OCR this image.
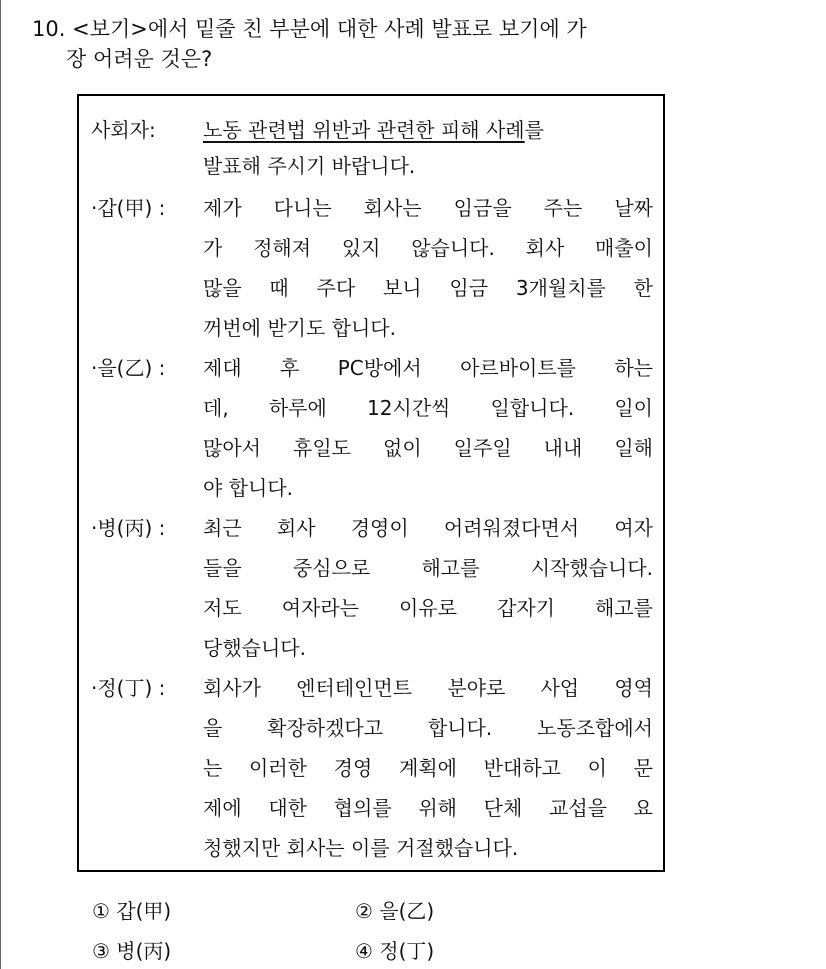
10. <보기>에서 밑줄 친 부분에 대한 사례 발표로 보기에 가
장 어려운 것은?
사회자:	노동 관련법 위반과 관련한 피해 사례를
발표해 주시기 바랍니다.
·갑(甲) :	제가 다니는 회사는 임금을 주는 날짜
가 정해져 있지 않습니다. 회사 매출이
많을 때 주다 보니 임금 3개월치를 한
꺼번에 받기도 합니다.
·을(乙) :	제대 후 PC방에서 아르바이트를 하는
데, 하루에 12시간씩 일합니다. 일이
많아서 휴일도 없이 일주일 내내 일해
야 합니다.
·병(丙) :	최근 회사 경영이 어려워졌다면서 여자
들을 중심으로 해고를 시작했습니다.
저도 여자라는 이유로 갑자기 해고를
당했습니다.
·정(丁) :	회사가 엔터테인먼트 분야로 사업 영역
을 확장하겠다고 합니다. 노동조합에서
는 이러한 경영 계획에 반대하고 이 문
제에 대한 협의를 위해 단체 교섭을 요
청했지만 회사는 이를 거절했습니다.
① 갑(甲)	② 을(乙)
③ 병(丙)	④ 정(丁)
